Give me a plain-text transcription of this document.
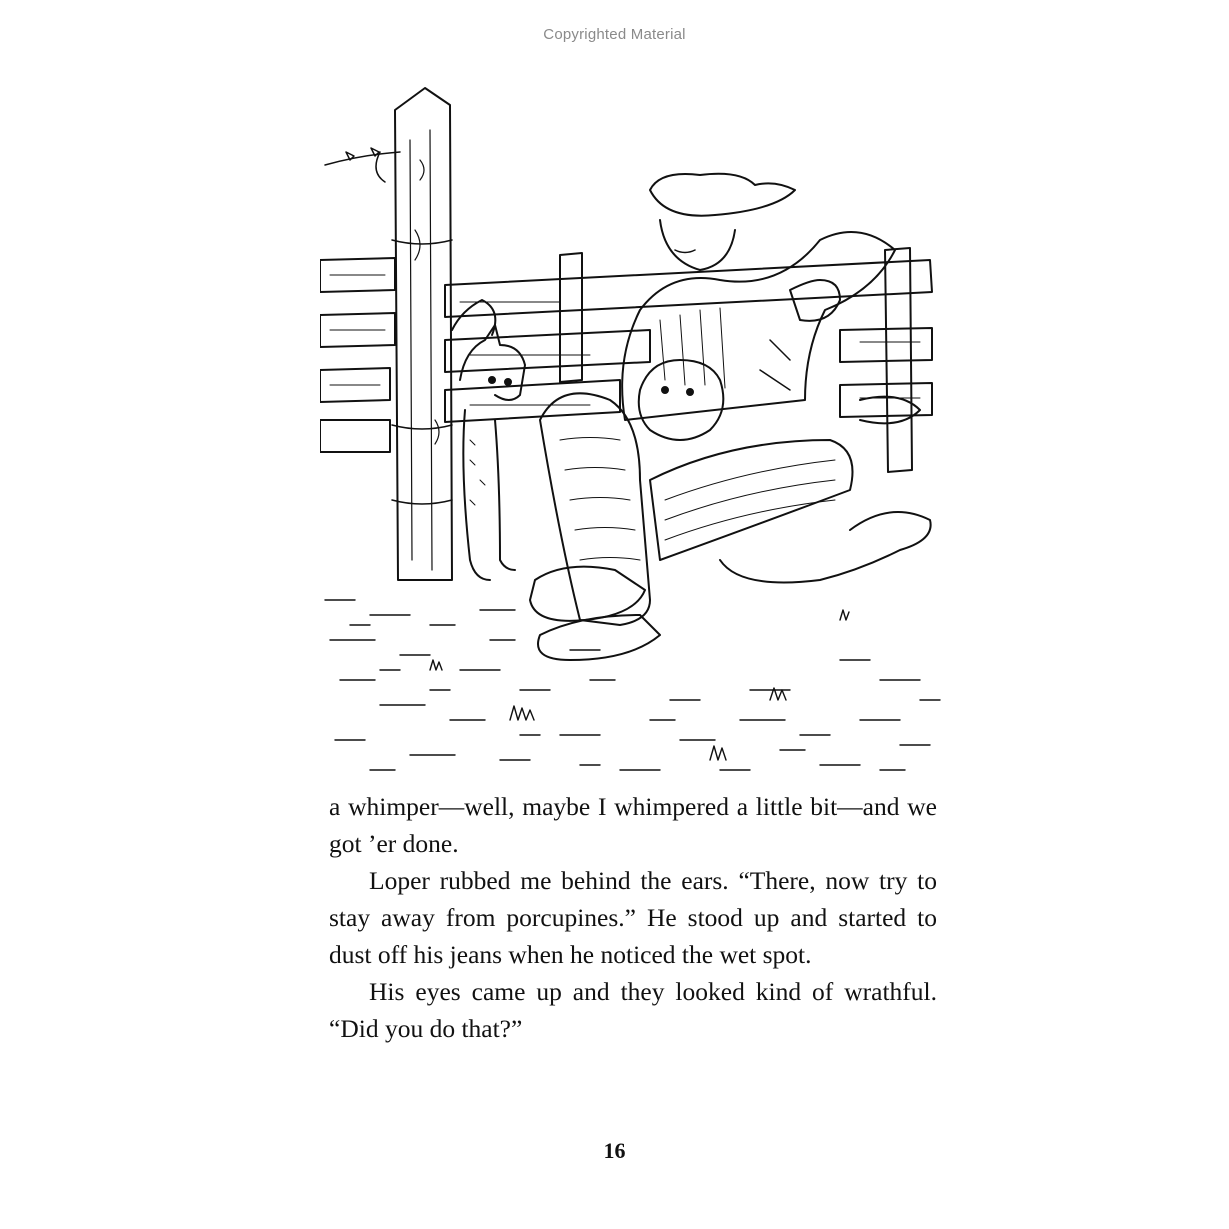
Copyrighted Material

a whimper—well, maybe I whimpered a little bit—and we got ’er done.

Loper rubbed me behind the ears. “There, now try to stay away from porcupines.” He stood up and started to dust off his jeans when he noticed the wet spot.

His eyes came up and they looked kind of wrathful. “Did you do that?”

16
